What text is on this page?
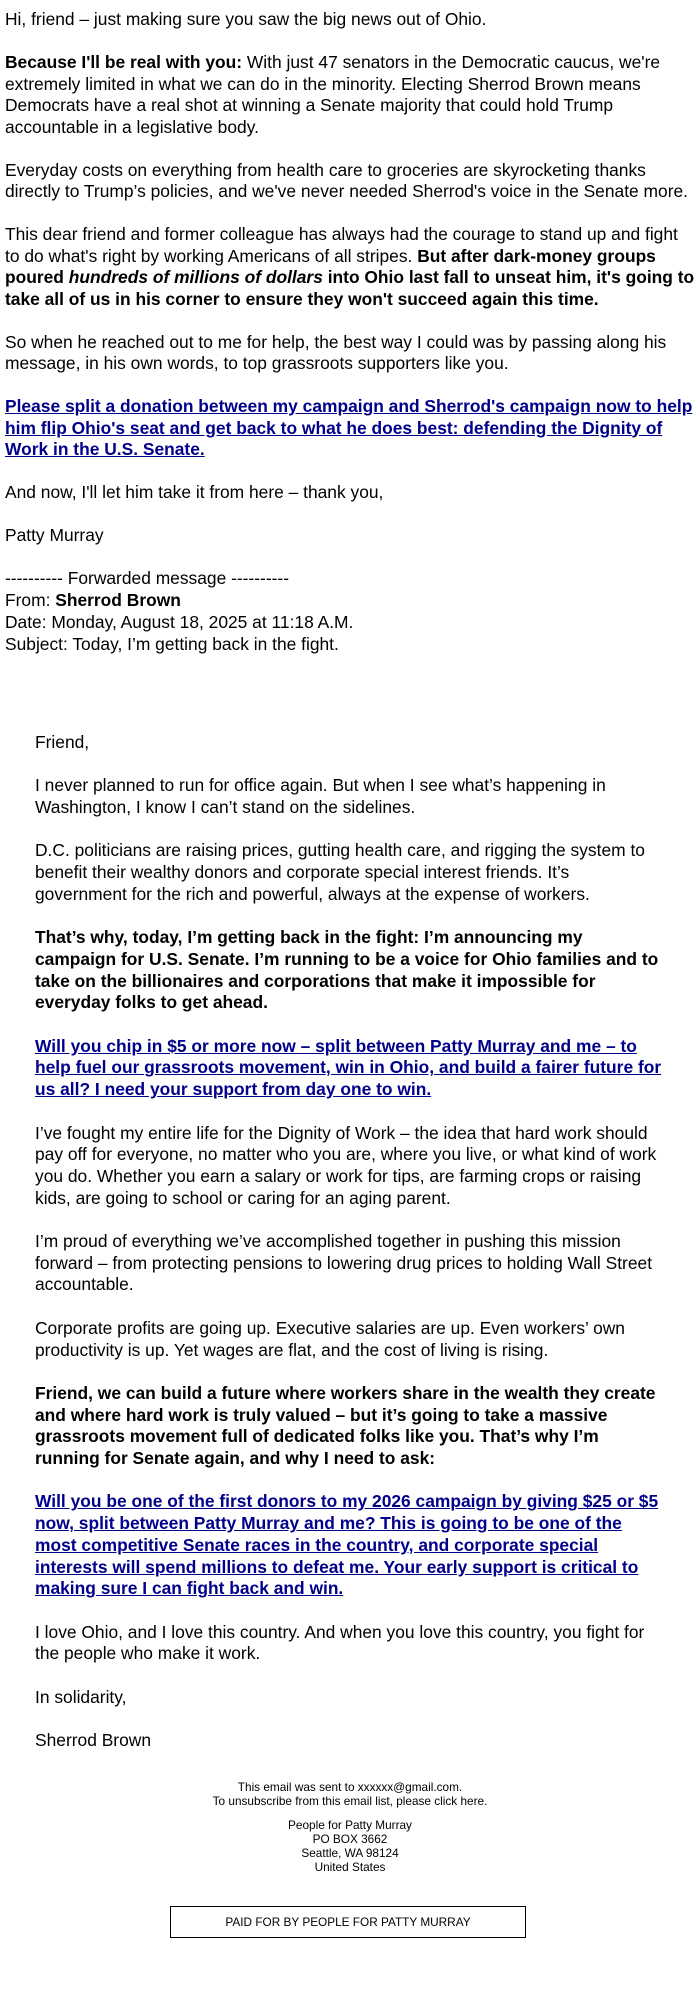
Hi, friend – just making sure you saw the big news out of Ohio.

Because I'll be real with you: With just 47 senators in the Democratic caucus, we're extremely limited in what we can do in the minority. Electing Sherrod Brown means Democrats have a real shot at winning a Senate majority that could hold Trump accountable in a legislative body.

Everyday costs on everything from health care to groceries are skyrocketing thanks directly to Trump’s policies, and we've never needed Sherrod's voice in the Senate more.

This dear friend and former colleague has always had the courage to stand up and fight to do what's right by working Americans of all stripes. But after dark-money groups poured hundreds of millions of dollars into Ohio last fall to unseat him, it's going to take all of us in his corner to ensure they won't succeed again this time.

So when he reached out to me for help, the best way I could was by passing along his message, in his own words, to top grassroots supporters like you.

Please split a donation between my campaign and Sherrod's campaign now to help him flip Ohio's seat and get back to what he does best: defending the Dignity of Work in the U.S. Senate.

And now, I'll let him take it from here – thank you,

Patty Murray

---------- Forwarded message ----------
From: Sherrod Brown
Date: Monday, August 18, 2025 at 11:18 A.M.
Subject: Today, I’m getting back in the fight.

Friend,

I never planned to run for office again. But when I see what’s happening in Washington, I know I can’t stand on the sidelines.

D.C. politicians are raising prices, gutting health care, and rigging the system to benefit their wealthy donors and corporate special interest friends. It’s government for the rich and powerful, always at the expense of workers.

That’s why, today, I’m getting back in the fight: I’m announcing my campaign for U.S. Senate. I’m running to be a voice for Ohio families and to take on the billionaires and corporations that make it impossible for everyday folks to get ahead.

Will you chip in $5 or more now – split between Patty Murray and me – to help fuel our grassroots movement, win in Ohio, and build a fairer future for us all? I need your support from day one to win.

I’ve fought my entire life for the Dignity of Work – the idea that hard work should pay off for everyone, no matter who you are, where you live, or what kind of work you do. Whether you earn a salary or work for tips, are farming crops or raising kids, are going to school or caring for an aging parent.

I’m proud of everything we’ve accomplished together in pushing this mission forward – from protecting pensions to lowering drug prices to holding Wall Street accountable.

Corporate profits are going up. Executive salaries are up. Even workers’ own productivity is up. Yet wages are flat, and the cost of living is rising.

Friend, we can build a future where workers share in the wealth they create and where hard work is truly valued – but it’s going to take a massive grassroots movement full of dedicated folks like you. That’s why I’m running for Senate again, and why I need to ask:

Will you be one of the first donors to my 2026 campaign by giving $25 or $5 now, split between Patty Murray and me? This is going to be one of the most competitive Senate races in the country, and corporate special interests will spend millions to defeat me. Your early support is critical to making sure I can fight back and win.

I love Ohio, and I love this country. And when you love this country, you fight for the people who make it work.

In solidarity,

Sherrod Brown

This email was sent to xxxxxx@gmail.com.
To unsubscribe from this email list, please click here.
People for Patty Murray
PO BOX 3662
Seattle, WA 98124
United States
PAID FOR BY PEOPLE FOR PATTY MURRAY
